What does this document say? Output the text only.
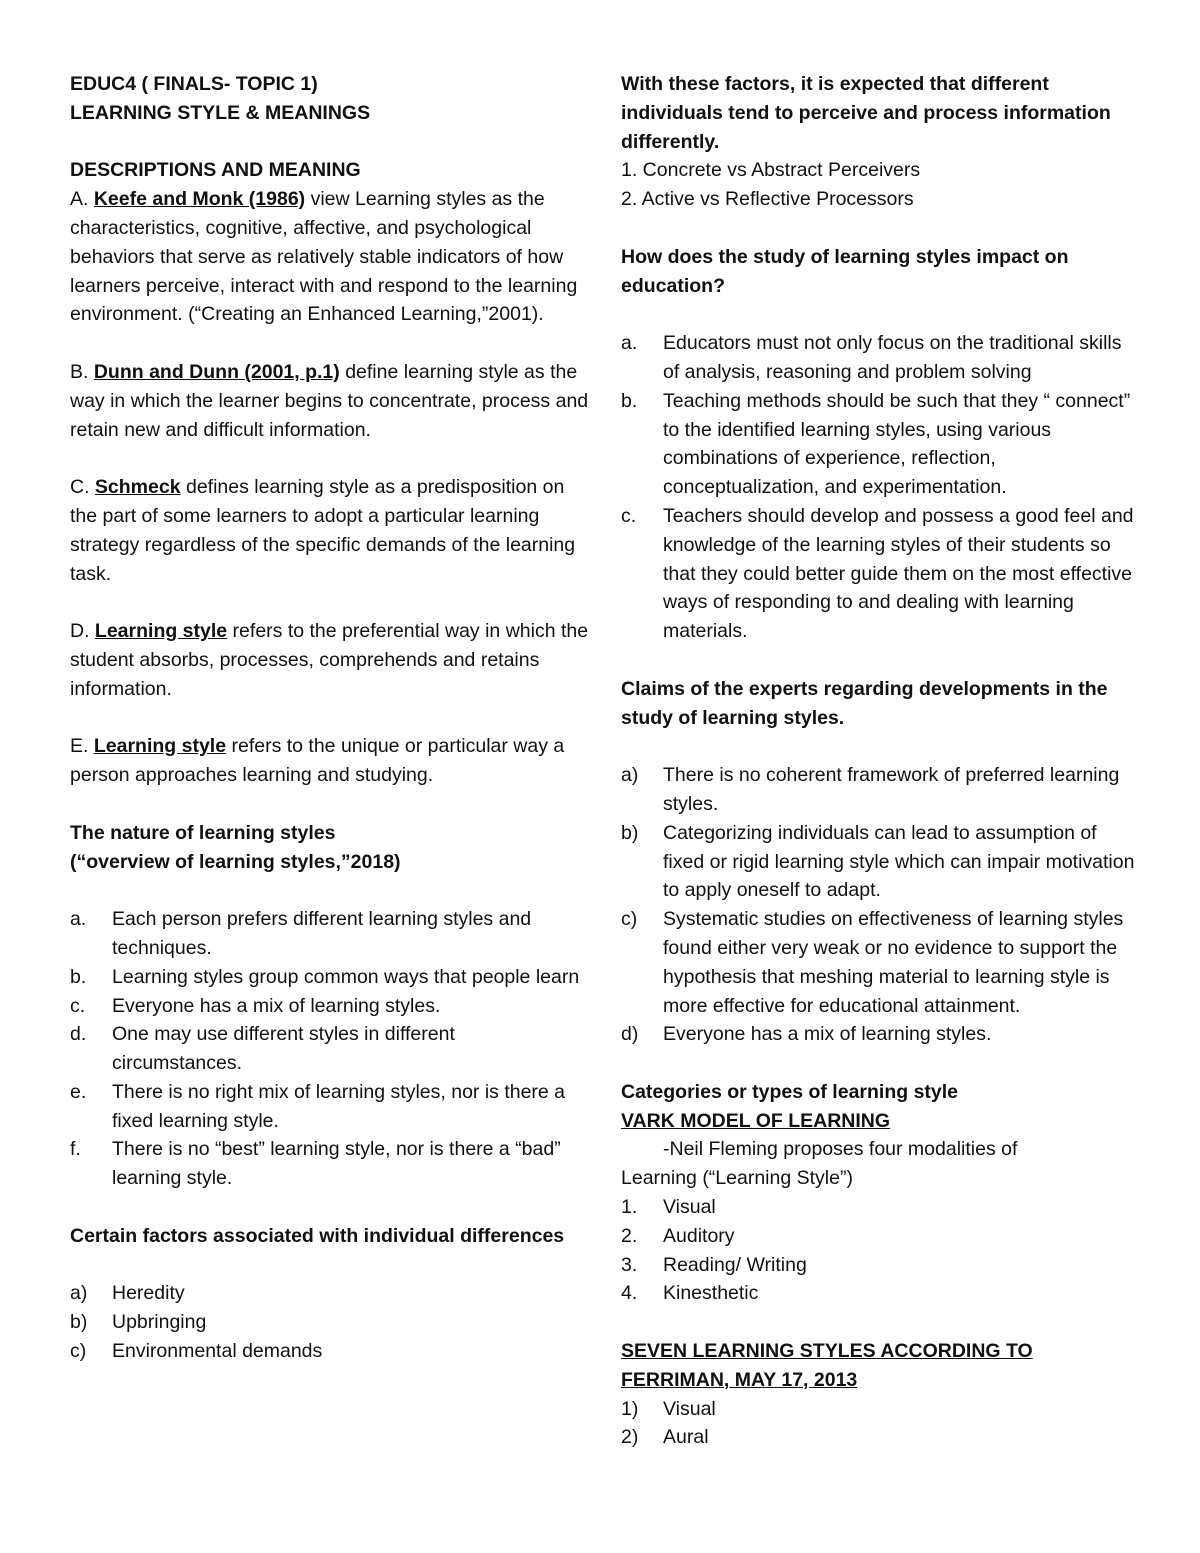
EDUC4 ( FINALS- TOPIC 1)

LEARNING STYLE & MEANINGS

DESCRIPTIONS AND MEANING

A. Keefe and Monk (1986) view Learning styles as the characteristics, cognitive, affective, and psychological behaviors that serve as relatively stable indicators of how learners perceive, interact with and respond to the learning environment. (“Creating an Enhanced Learning,”2001).

B. Dunn and Dunn (2001, p.1) define learning style as the way in which the learner begins to concentrate, process and retain new and difficult information.

C. Schmeck defines learning style as a predisposition on the part of some learners to adopt a particular learning strategy regardless of the specific demands of the learning task.

D. Learning style refers to the preferential way in which the student absorbs, processes, comprehends and retains information.

E. Learning style refers to the unique or particular way a person approaches learning and studying.

The nature of learning styles

(“overview of learning styles,”2018)

a.	Each person prefers different learning styles and techniques.
b.	Learning styles group common ways that people learn
c.	Everyone has a mix of learning styles.
d.	One may use different styles in different circumstances.
e.	There is no right mix of learning styles, nor is there a fixed learning style.
f.	There is no “best” learning style, nor is there a “bad” learning style.

Certain factors associated with individual differences

a)	Heredity
b)	Upbringing
c)	Environmental demands

With these factors, it is expected that different individuals tend to perceive and process information differently.

1. Concrete vs Abstract Perceivers

2. Active vs Reflective Processors

How does the study of learning styles impact on education?

a.	Educators must not only focus on the traditional skills of analysis, reasoning and problem solving
b.	Teaching methods should be such that they “ connect” to the identified learning styles, using various combinations of experience, reflection, conceptualization, and experimentation.
c.	Teachers should develop and possess a good feel and knowledge of the learning styles of their students so that they could better guide them on the most effective ways of responding to and dealing with learning materials.

Claims of the experts regarding developments in the study of learning styles.

a)	There is no coherent framework of preferred learning styles.
b)	Categorizing individuals can lead to assumption of fixed or rigid learning style which can impair motivation to apply oneself to adapt.
c)	Systematic studies on effectiveness of learning styles found either very weak or no evidence to support the hypothesis that meshing material to learning style is more effective for educational attainment.
d)	Everyone has a mix of learning styles.

Categories or types of learning style

VARK MODEL OF LEARNING

-Neil Fleming proposes four modalities of

Learning (“Learning Style”)

1.	Visual
2.	Auditory
3.	Reading/ Writing
4.	Kinesthetic

SEVEN LEARNING STYLES ACCORDING TO FERRIMAN, MAY 17, 2013

1)	Visual
2)	Aural
